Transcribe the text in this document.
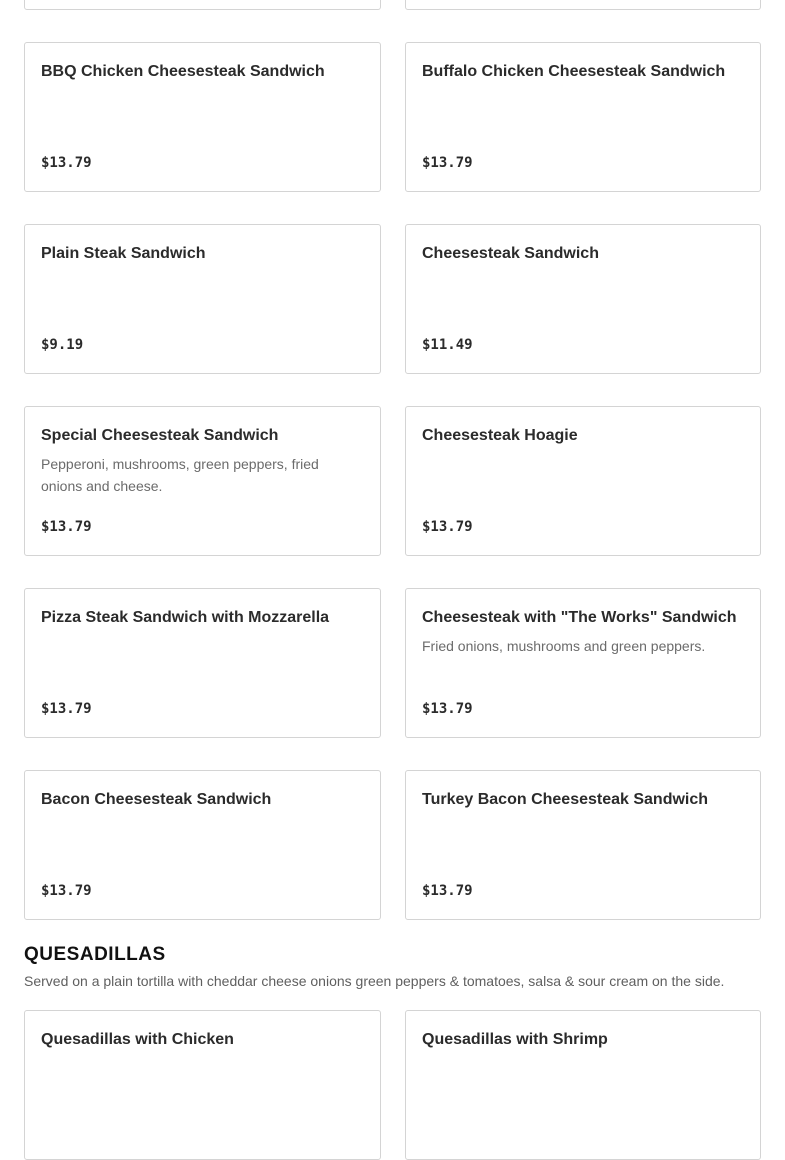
BBQ Chicken Cheesesteak Sandwich
$13.79
Buffalo Chicken Cheesesteak Sandwich
$13.79
Plain Steak Sandwich
$9.19
Cheesesteak Sandwich
$11.49
Special Cheesesteak Sandwich
Pepperoni, mushrooms, green peppers, fried onions and cheese.
$13.79
Cheesesteak Hoagie
$13.79
Pizza Steak Sandwich with Mozzarella
$13.79
Cheesesteak with "The Works" Sandwich
Fried onions, mushrooms and green peppers.
$13.79
Bacon Cheesesteak Sandwich
$13.79
Turkey Bacon Cheesesteak Sandwich
$13.79
QUESADILLAS

Served on a plain tortilla with cheddar cheese onions green peppers & tomatoes, salsa & sour cream on the side.

Quesadillas with Chicken	Quesadillas with Shrimp
